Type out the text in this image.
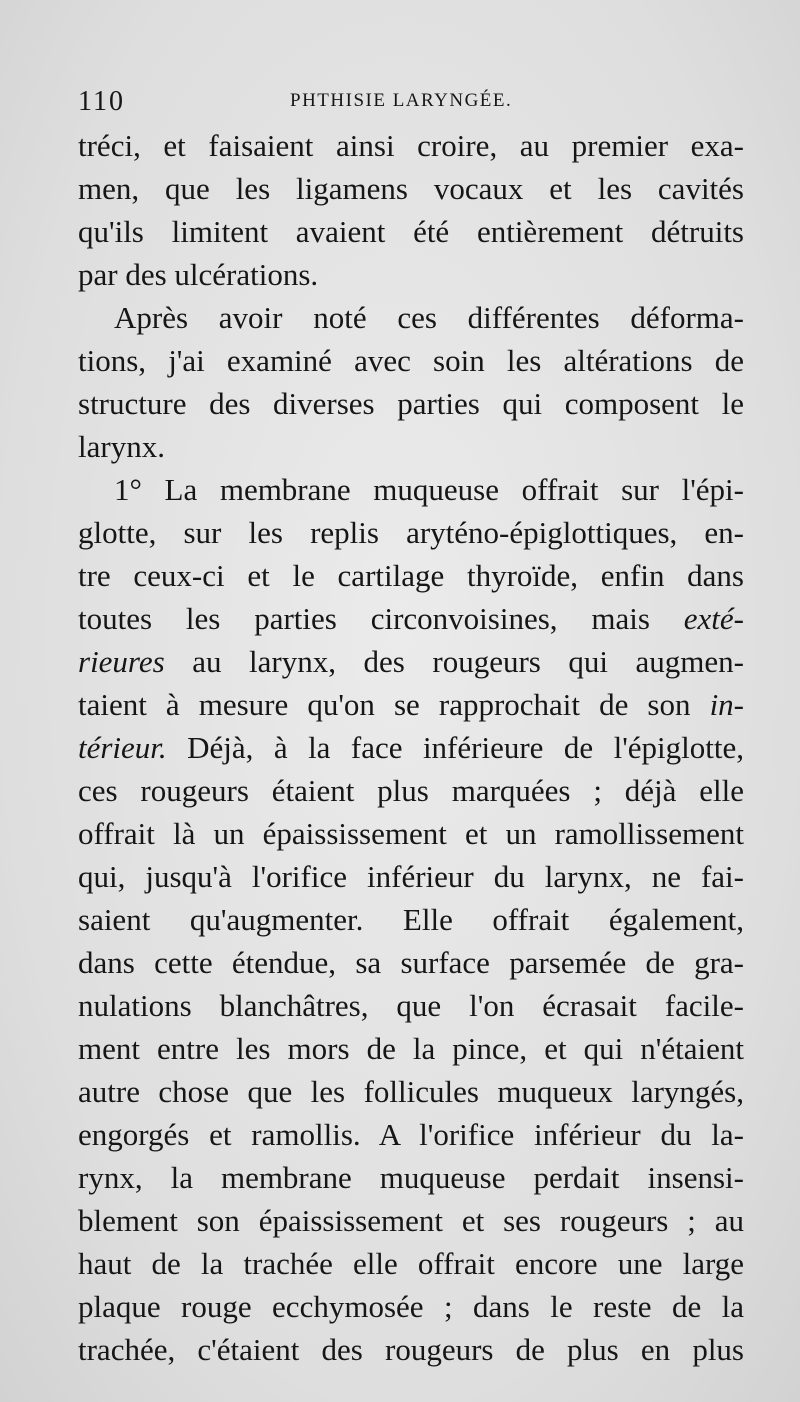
110	PHTHISIE LARYNGÉE.
tréci, et faisaient ainsi croire, au premier exa-
men, que les ligamens vocaux et les cavités
qu'ils limitent avaient été entièrement détruits
par des ulcérations.
Après avoir noté ces différentes déforma-
tions, j'ai examiné avec soin les altérations de
structure des diverses parties qui composent le
larynx.
1° La membrane muqueuse offrait sur l'épi-
glotte, sur les replis aryténo-épiglottiques, en-
tre ceux-ci et le cartilage thyroïde, enfin dans
toutes les parties circonvoisines, mais exté-
rieures au larynx, des rougeurs qui augmen-
taient à mesure qu'on se rapprochait de son in-
térieur. Déjà, à la face inférieure de l'épiglotte,
ces rougeurs étaient plus marquées ; déjà elle
offrait là un épaississement et un ramollissement
qui, jusqu'à l'orifice inférieur du larynx, ne fai-
saient qu'augmenter. Elle offrait également,
dans cette étendue, sa surface parsemée de gra-
nulations blanchâtres, que l'on écrasait facile-
ment entre les mors de la pince, et qui n'étaient
autre chose que les follicules muqueux laryngés,
engorgés et ramollis. A l'orifice inférieur du la-
rynx, la membrane muqueuse perdait insensi-
blement son épaississement et ses rougeurs ; au
haut de la trachée elle offrait encore une large
plaque rouge ecchymosée ; dans le reste de la
trachée, c'étaient des rougeurs de plus en plus
